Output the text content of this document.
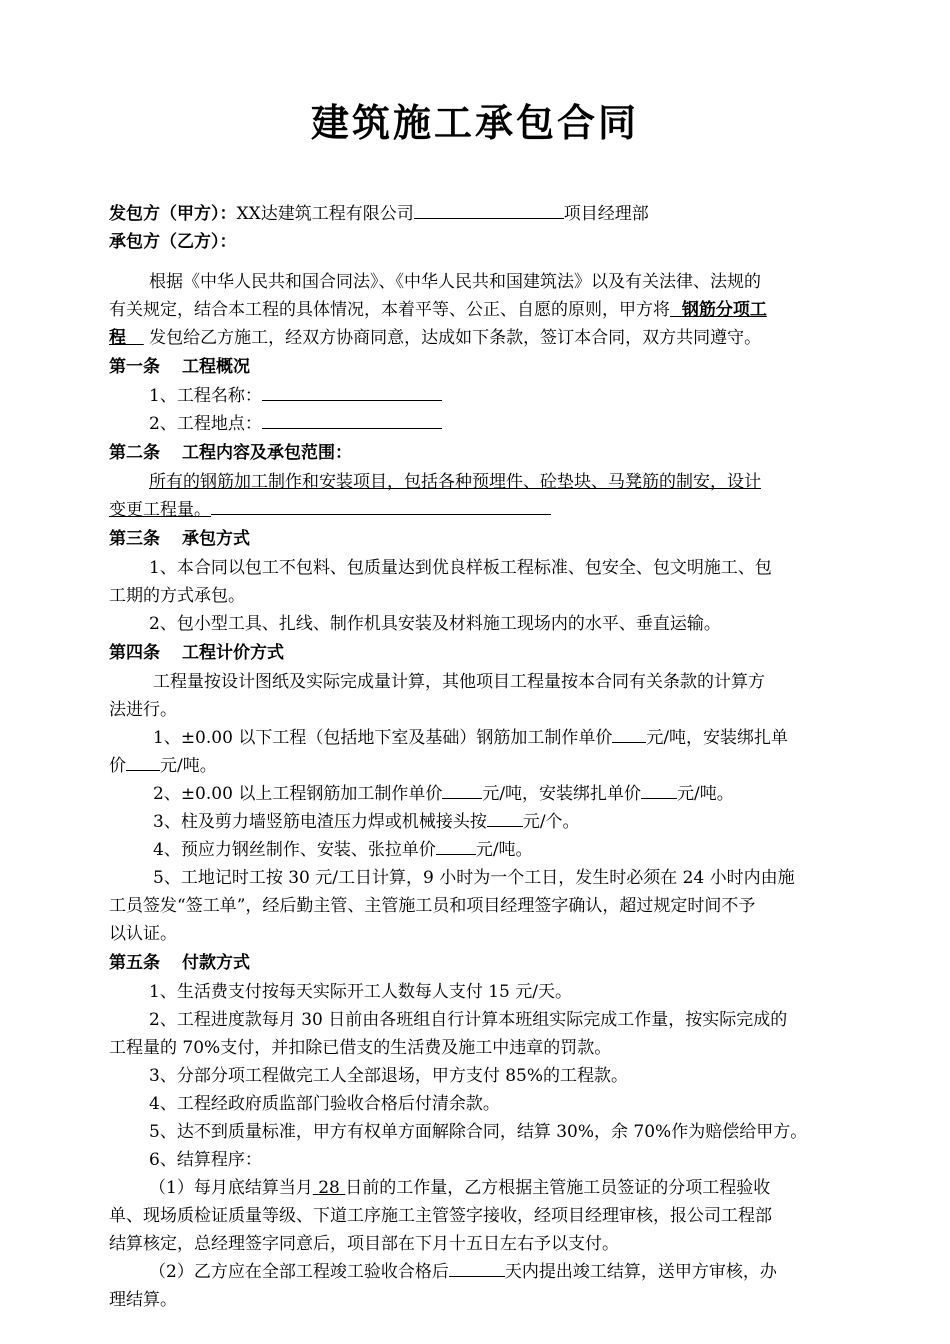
建筑施工承包合同
发包方（甲方）：XX达建筑工程有限公司	项目经理部
承包方（乙方）：
根据《中华人民共和国合同法》、《中华人民共和国建筑法》以及有关法律、法规的
有关规定，结合本工程的具体情况，本着平等、公正、自愿的原则，甲方将 钢筋分项工
程 发包给乙方施工，经双方协商同意，达成如下条款，签订本合同，双方共同遵守。
第一条 工程概况
1、工程名称：
2、工程地点：
第二条 工程内容及承包范围：
所有的钢筋加工制作和安装项目，包括各种预埋件、砼垫块、马凳筋的制安，设计
变更工程量。
第三条 承包方式
1、本合同以包工不包料、包质量达到优良样板工程标准、包安全、包文明施工、包
工期的方式承包。
2、包小型工具、扎线、制作机具安装及材料施工现场内的水平、垂直运输。
第四条 工程计价方式
工程量按设计图纸及实际完成量计算，其他项目工程量按本合同有关条款的计算方
法进行。
1、±0.00 以下工程（包括地下室及基础）钢筋加工制作单价 元/吨，安装绑扎单
价 元/吨。
2、±0.00 以上工程钢筋加工制作单价 元/吨，安装绑扎单价 元/吨。
3、柱及剪力墙竖筋电渣压力焊或机械接头按 元/个。
4、预应力钢丝制作、安装、张拉单价 元/吨。
5、工地记时工按 30 元/工日计算，9 小时为一个工日，发生时必须在 24 小时内由施
工员签发“签工单”，经后勤主管、主管施工员和项目经理签字确认，超过规定时间不予
以认证。
第五条 付款方式
1、生活费支付按每天实际开工人数每人支付 15 元/天。
2、工程进度款每月 30 日前由各班组自行计算本班组实际完成工作量，按实际完成的
工程量的 70%支付，并扣除已借支的生活费及施工中违章的罚款。
3、分部分项工程做完工人全部退场，甲方支付 85%的工程款。
4、工程经政府质监部门验收合格后付清余款。
5、达不到质量标准，甲方有权单方面解除合同，结算 30%，余 70%作为赔偿给甲方。
6、结算程序：
（1）每月底结算当月 28 日前的工作量，乙方根据主管施工员签证的分项工程验收
单、现场质检证质量等级、下道工序施工主管签字接收，经项目经理审核，报公司工程部
结算核定，总经理签字同意后，项目部在下月十五日左右予以支付。
（2）乙方应在全部工程竣工验收合格后	天内提出竣工结算，送甲方审核，办
理结算。
